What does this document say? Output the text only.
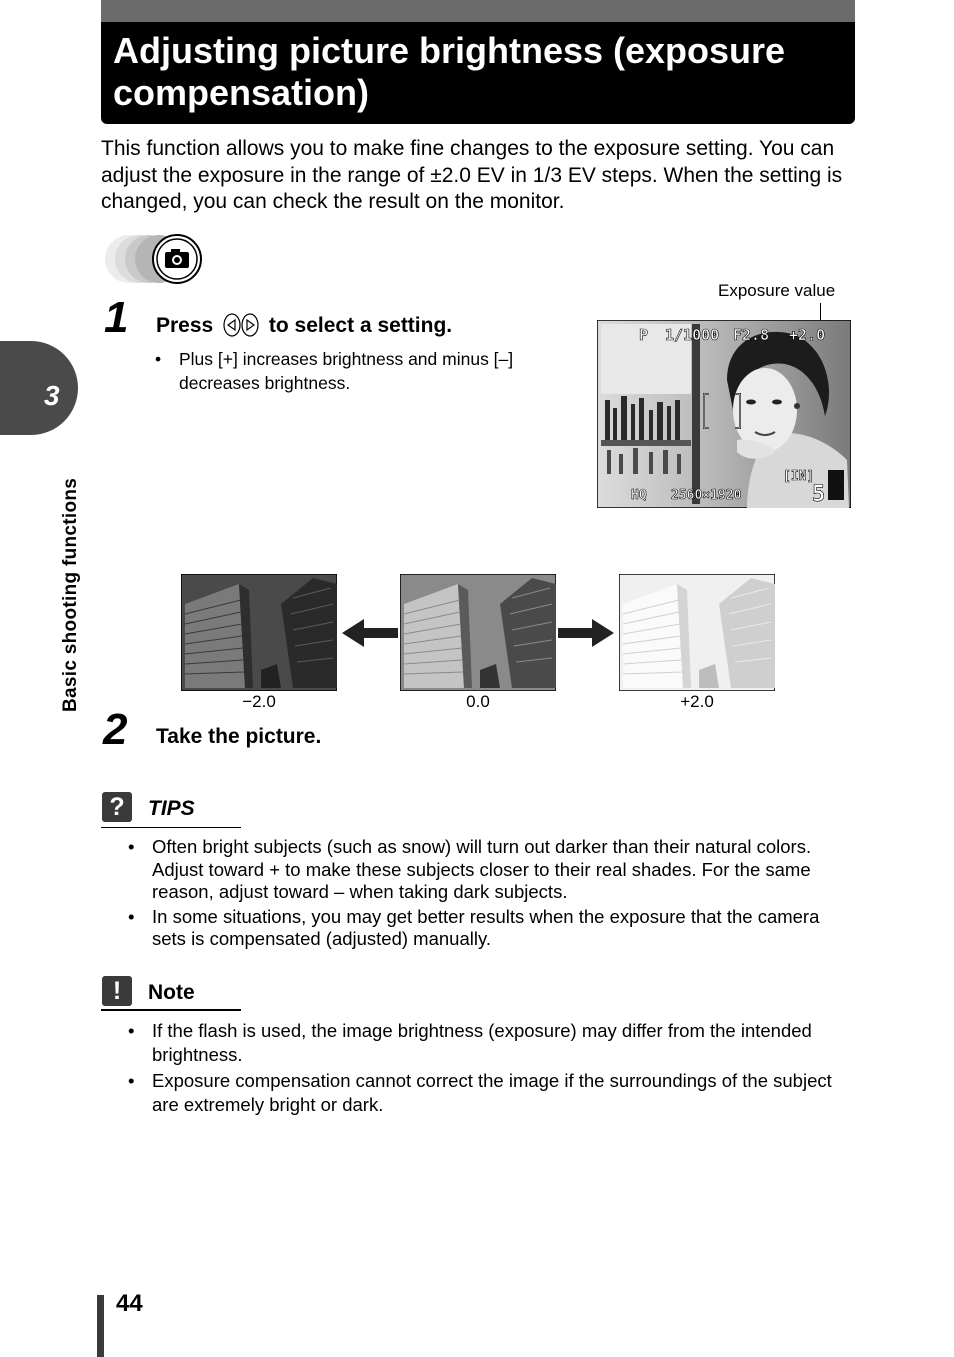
Adjusting picture brightness (exposure compensation)

This function allows you to make fine changes to the exposure setting. You can adjust the exposure in the range of ±2.0 EV in 1/3 EV steps. When the setting is changed, you can check the result on the monitor.

3
Basic shooting functions
1 Press	to select a setting.
• Plus [+] increases brightness and minus [–] decreases brightness.
Exposure value
P 1/1000 F2.8 +2.0
[IN]
HQ 2560×1920	5
−2.0	0.0	+2.0
2 Take the picture.
?	TIPS
• Often bright subjects (such as snow) will turn out darker than their natural colors. Adjust toward + to make these subjects closer to their real shades. For the same reason, adjust toward – when taking dark subjects.
• In some situations, you may get better results when the exposure that the camera sets is compensated (adjusted) manually.
!	Note
• If the flash is used, the image brightness (exposure) may differ from the intended brightness.
• Exposure compensation cannot correct the image if the surroundings of the subject are extremely bright or dark.
44
